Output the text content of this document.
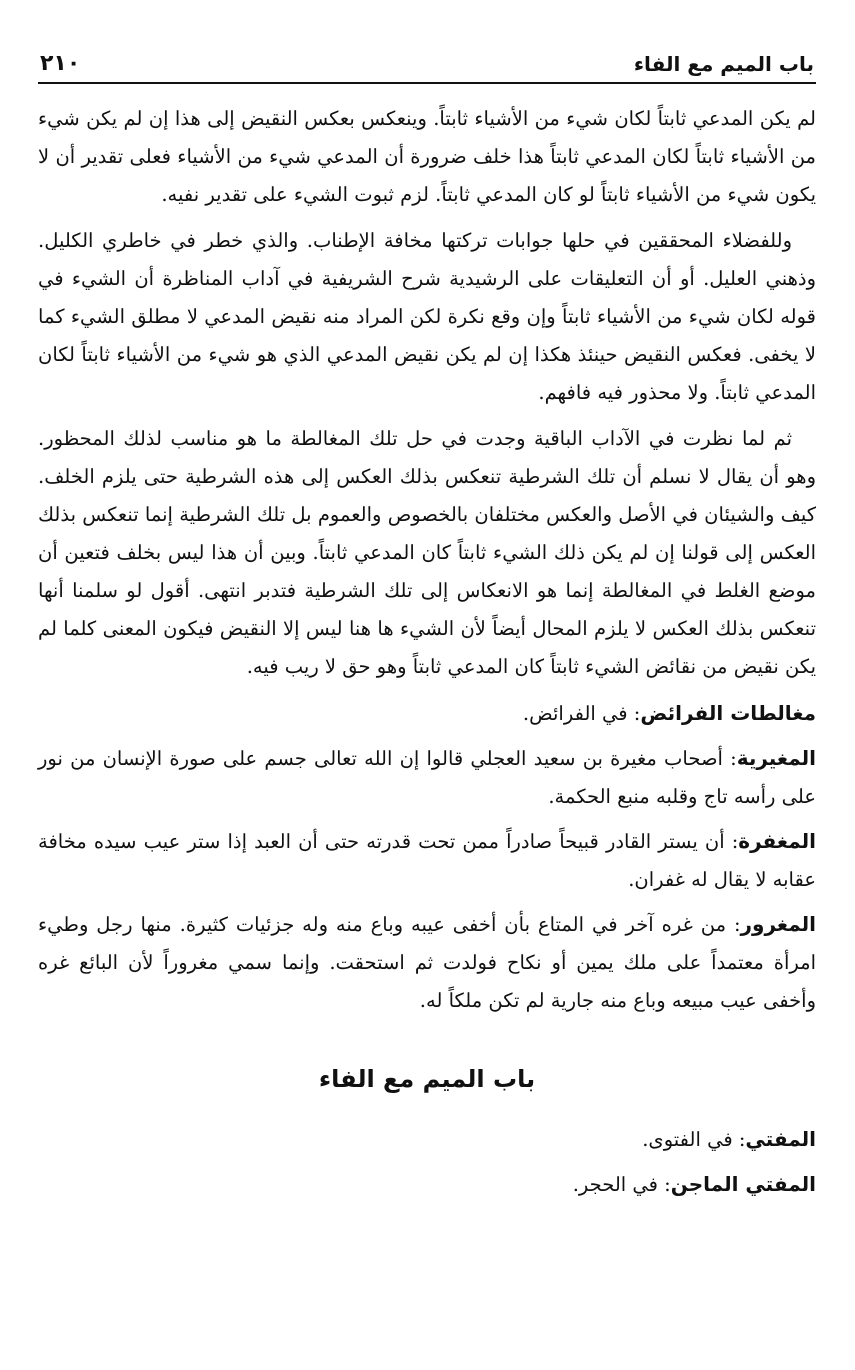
باب الميم مع الفاء
٢١٠

لم يكن المدعي ثابتاً لكان شيء من الأشياء ثابتاً. وينعكس بعكس النقيض إلى هذا إن لم يكن شيء من الأشياء ثابتاً لكان المدعي ثابتاً هذا خلف ضرورة أن المدعي شيء من الأشياء فعلى تقدير أن لا يكون شيء من الأشياء ثابتاً لو كان المدعي ثابتاً. لزم ثبوت الشيء على تقدير نفيه.

وللفضلاء المحققين في حلها جوابات تركتها مخافة الإطناب. والذي خطر في خاطري الكليل. وذهني العليل. أو أن التعليقات على الرشيدية شرح الشريفية في آداب المناظرة أن الشيء في قوله لكان شيء من الأشياء ثابتاً وإن وقع نكرة لكن المراد منه نقيض المدعي لا مطلق الشيء كما لا يخفى. فعكس النقيض حينئذ هكذا إن لم يكن نقيض المدعي الذي هو شيء من الأشياء ثابتاً لكان المدعي ثابتاً. ولا محذور فيه فافهم.

ثم لما نظرت في الآداب الباقية وجدت في حل تلك المغالطة ما هو مناسب لذلك المحظور. وهو أن يقال لا نسلم أن تلك الشرطية تنعكس بذلك العكس إلى هذه الشرطية حتى يلزم الخلف. كيف والشيئان في الأصل والعكس مختلفان بالخصوص والعموم بل تلك الشرطية إنما تنعكس بذلك العكس إلى قولنا إن لم يكن ذلك الشيء ثابتاً كان المدعي ثابتاً. وبين أن هذا ليس بخلف فتعين أن موضع الغلط في المغالطة إنما هو الانعكاس إلى تلك الشرطية فتدبر انتهى. أقول لو سلمنا أنها تنعكس بذلك العكس لا يلزم المحال أيضاً لأن الشيء ها هنا ليس إلا النقيض فيكون المعنى كلما لم يكن نقيض من نقائض الشيء ثابتاً كان المدعي ثابتاً وهو حق لا ريب فيه.

مغالطات الفرائض: في الفرائض.

المغيرية: أصحاب مغيرة بن سعيد العجلي قالوا إن الله تعالى جسم على صورة الإنسان من نور على رأسه تاج وقلبه منبع الحكمة.

المغفرة: أن يستر القادر قبيحاً صادراً ممن تحت قدرته حتى أن العبد إذا ستر عيب سيده مخافة عقابه لا يقال له غفران.

المغرور: من غره آخر في المتاع بأن أخفى عيبه وباع منه وله جزئيات كثيرة. منها رجل وطيء امرأة معتمداً على ملك يمين أو نكاح فولدت ثم استحقت. وإنما سمي مغروراً لأن البائع غره وأخفى عيب مبيعه وباع منه جارية لم تكن ملكاً له.

باب الميم مع الفاء

المفتي: في الفتوى.

المفتي الماجن: في الحجر.
